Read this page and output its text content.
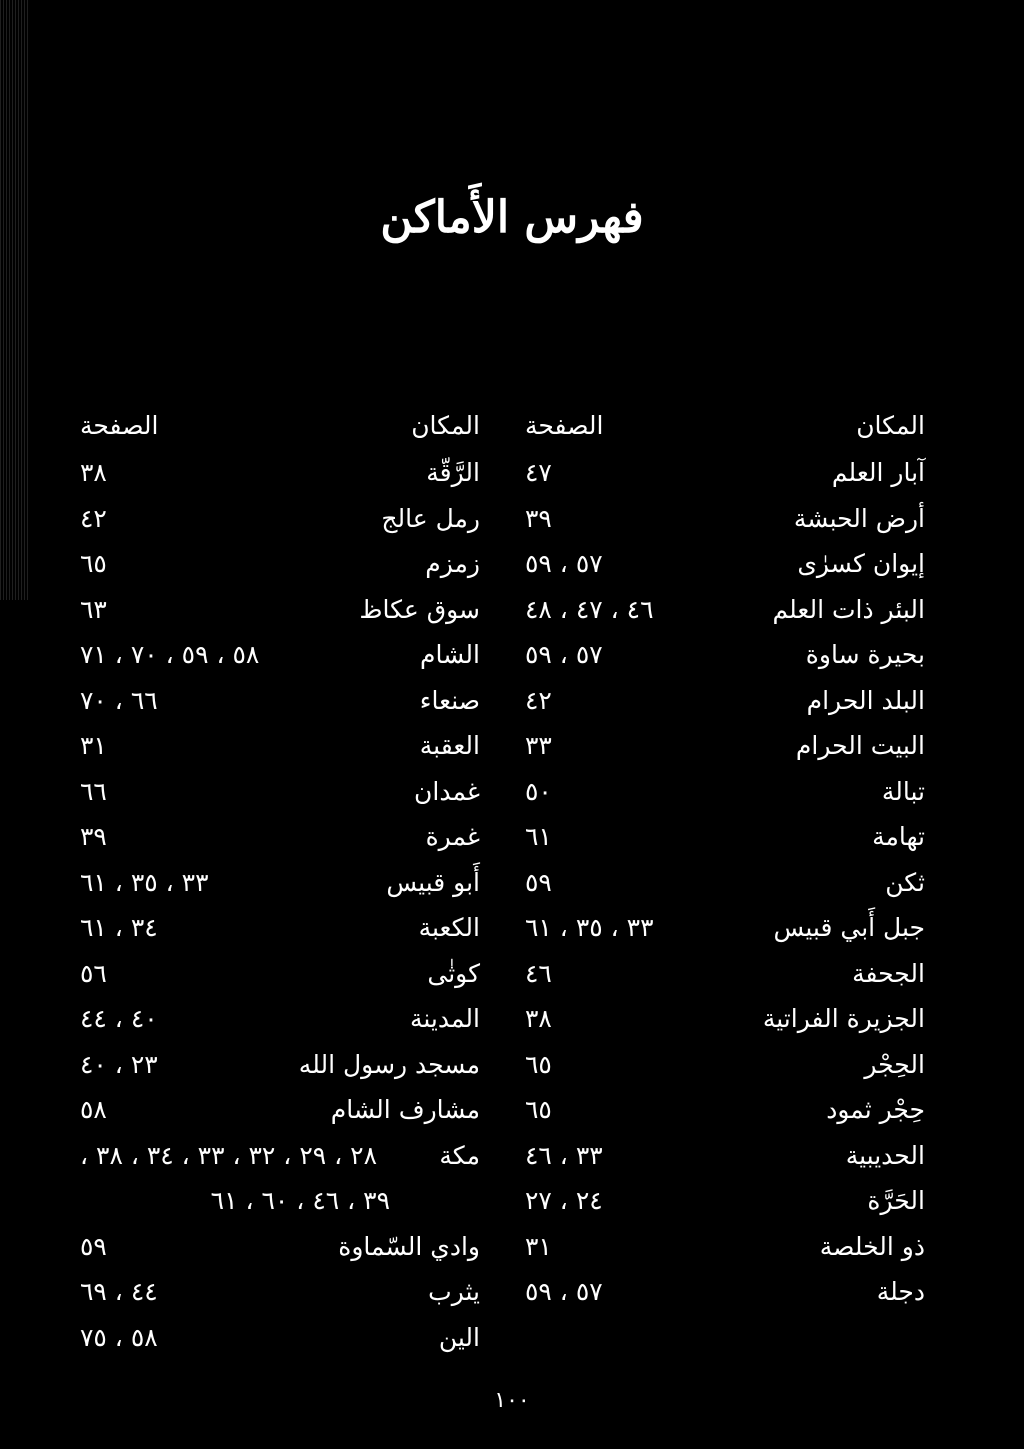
فهرس الأَماكن
المكان
الصفحة
آبار العلم
٤٧
أرض الحبشة
٣٩
إيوان كسرٰى
٥٧ ، ٥٩
البئر ذات العلم
٤٦ ، ٤٧ ، ٤٨
بحيرة ساوة
٥٧ ، ٥٩
البلد الحرام
٤٢
البيت الحرام
٣٣
تبالة
٥٠
تهامة
٦١
ثكن
٥٩
جبل أَبي قبيس
٣٣ ، ٣٥ ، ٦١
الجحفة
٤٦
الجزيرة الفراتية
٣٨
الحِجْر
٦٥
حِجْر ثمود
٦٥
الحديبية
٣٣ ، ٤٦
الحَرَّة
٢٤ ، ٢٧
ذو الخلصة
٣١
دجلة
٥٧ ، ٥٩
المكان
الصفحة
الرَّقّة
٣٨
رمل عالج
٤٢
زمزم
٦٥
سوق عكاظ
٦٣
الشام
٥٨ ، ٥٩ ، ٧٠ ، ٧١
صنعاء
٦٦ ، ٧٠
العقبة
٣١
غمدان
٦٦
غمرة
٣٩
أَبو قبيس
٣٣ ، ٣٥ ، ٦١
الكعبة
٣٤ ، ٦١
كوثٰى
٥٦
المدينة
٤٠ ، ٤٤
مسجد رسول الله
٢٣ ، ٤٠
مشارف الشام
٥٨
مكة
٢٨ ، ٢٩ ، ٣٢ ، ٣٣ ، ٣٤ ، ٣٨ ،
٣٩ ، ٤٦ ، ٦٠ ، ٦١
وادي السّماوة
٥٩
يثرب
٤٤ ، ٦٩
الين
٥٨ ، ٧٥
١٠٠
